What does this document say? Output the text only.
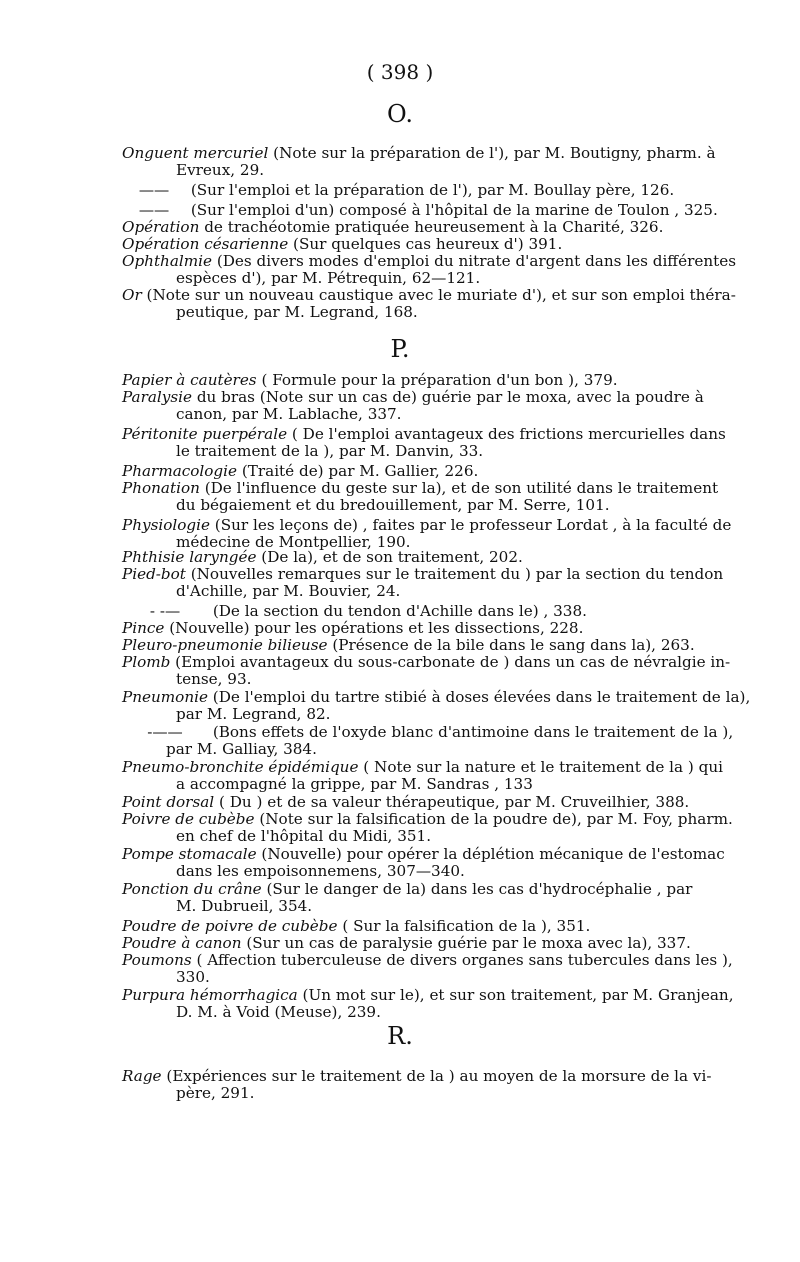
( 398 )
O.
Onguent mercuriel (Note sur la préparation de l'), par M. Boutigny, pharm. à
Evreux, 29.
—— (Sur l'emploi et la préparation de l'), par M. Boullay père, 126.
—— (Sur l'emploi d'un) composé à l'hôpital de la marine de Toulon , 325.
Opération de trachéotomie pratiquée heureusement à la Charité, 326.
Opération césarienne (Sur quelques cas heureux d') 391.
Ophthalmie (Des divers modes d'emploi du nitrate d'argent dans les différentes
espèces d'), par M. Pétrequin, 62—121.
Or (Note sur un nouveau caustique avec le muriate d'), et sur son emploi théra-
peutique, par M. Legrand, 168.
P.
Papier à cautères ( Formule pour la préparation d'un bon ), 379.
Paralysie du bras (Note sur un cas de) guérie par le moxa, avec la poudre à
canon, par M. Lablache, 337.
Péritonite puerpérale ( De l'emploi avantageux des frictions mercurielles dans
le traitement de la ), par M. Danvin, 33.
Pharmacologie (Traité de) par M. Gallier, 226.
Phonation (De l'influence du geste sur la), et de son utilité dans le traitement
du bégaiement et du bredouillement, par M. Serre, 101.
Physiologie (Sur les leçons de) , faites par le professeur Lordat , à la faculté de
médecine de Montpellier, 190.
Phthisie laryngée (De la), et de son traitement, 202.
Pied-bot (Nouvelles remarques sur le traitement du ) par la section du tendon
d'Achille, par M. Bouvier, 24.
- -— (De la section du tendon d'Achille dans le) , 338.
Pince (Nouvelle) pour les opérations et les dissections, 228.
Pleuro-pneumonie bilieuse (Présence de la bile dans le sang dans la), 263.
Plomb (Emploi avantageux du sous-carbonate de ) dans un cas de névralgie in-
tense, 93.
Pneumonie (De l'emploi du tartre stibié à doses élevées dans le traitement de la),
par M. Legrand, 82.
-—— (Bons effets de l'oxyde blanc d'antimoine dans le traitement de la ),
par M. Galliay, 384.
Pneumo-bronchite épidémique ( Note sur la nature et le traitement de la ) qui
a accompagné la grippe, par M. Sandras , 133
Point dorsal ( Du ) et de sa valeur thérapeutique, par M. Cruveilhier, 388.
Poivre de cubèbe (Note sur la falsification de la poudre de), par M. Foy, pharm.
en chef de l'hôpital du Midi, 351.
Pompe stomacale (Nouvelle) pour opérer la déplétion mécanique de l'estomac
dans les empoisonnemens, 307—340.
Ponction du crâne (Sur le danger de la) dans les cas d'hydrocéphalie , par
M. Dubrueil, 354.
Poudre de poivre de cubèbe ( Sur la falsification de la ), 351.
Poudre à canon (Sur un cas de paralysie guérie par le moxa avec la), 337.
Poumons ( Affection tuberculeuse de divers organes sans tubercules dans les ),
330.
Purpura hémorrhagica (Un mot sur le), et sur son traitement, par M. Granjean,
D. M. à Void (Meuse), 239.
R.
Rage (Expériences sur le traitement de la ) au moyen de la morsure de la vi-
père, 291.
